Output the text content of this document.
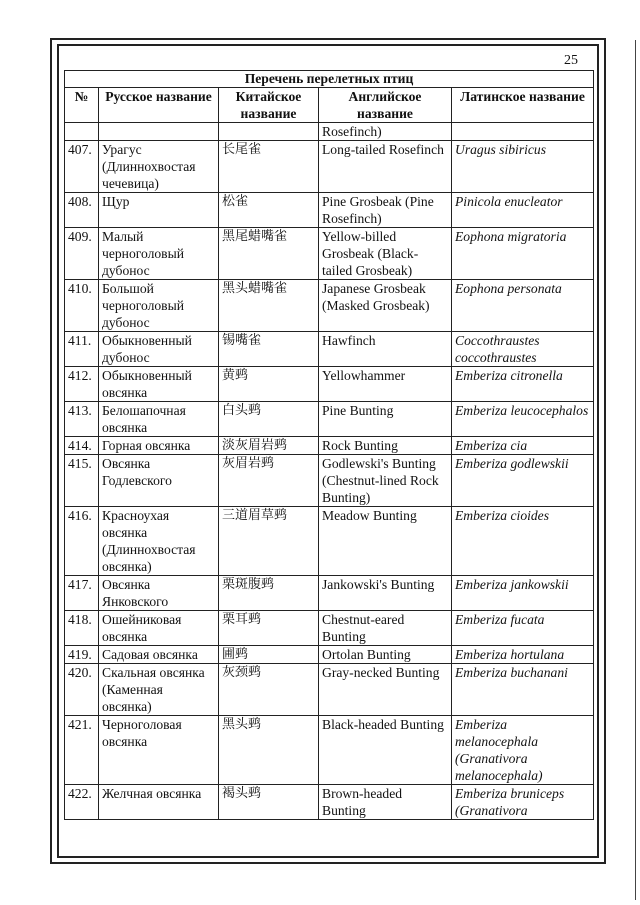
25
Перечень перелетных птиц				
№	Русское название	Китайское название	Английское название	Латинское название
			Rosefinch)	
407.	Урагус (Длиннохвостая чечевица)	长尾雀	Long-tailed Rosefinch	Uragus sibiricus
408.	Щур	松雀	Pine Grosbeak (Pine Rosefinch)	Pinicola enucleator
409.	Малый черноголовый дубонос	黑尾蜡嘴雀	Yellow-billed Grosbeak (Black-tailed Grosbeak)	Eophona migratoria
410.	Большой черноголовый дубонос	黑头蜡嘴雀	Japanese Grosbeak (Masked Grosbeak)	Eophona personata
411.	Обыкновенный дубонос	锡嘴雀	Hawfinch	Coccothraustes coccothraustes
412.	Обыкновенный овсянка	黄鹀	Yellowhammer	Emberiza citronella
413.	Белошапочная овсянка	白头鹀	Pine Bunting	Emberiza leucocephalos
414.	Горная овсянка	淡灰眉岩鹀	Rock Bunting	Emberiza cia
415.	Овсянка Годлевского	灰眉岩鹀	Godlewski's Bunting (Chestnut-lined Rock Bunting)	Emberiza godlewskii
416.	Красноухая овсянка (Длиннохвостая овсянка)	三道眉草鹀	Meadow Bunting	Emberiza cioides
417.	Овсянка Янковского	栗斑腹鹀	Jankowski's Bunting	Emberiza jankowskii
418.	Ошейниковая овсянка	栗耳鹀	Chestnut-eared Bunting	Emberiza fucata
419.	Садовая овсянка	圃鹀	Ortolan Bunting	Emberiza hortulana
420.	Скальная овсянка (Каменная овсянка)	灰颈鹀	Gray-necked Bunting	Emberiza buchanani
421.	Черноголовая овсянка	黑头鹀	Black-headed Bunting	Emberiza melanocephala (Granativora melanocephala)
422.	Желчная овсянка	褐头鹀	Brown-headed Bunting	Emberiza bruniceps (Granativora
